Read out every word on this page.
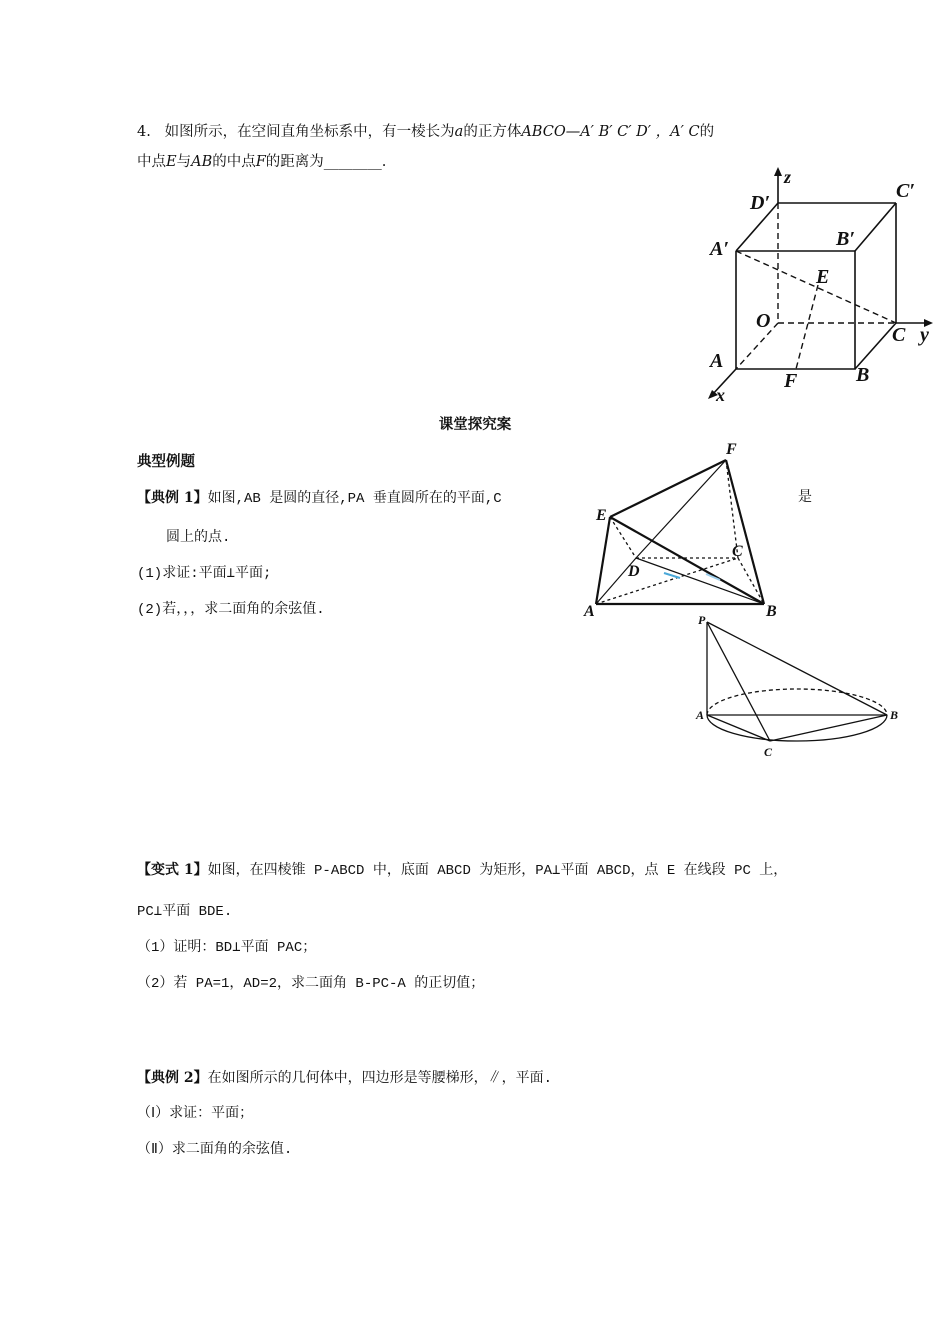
4. 如图所示，在空间直角坐标系中，有一棱长为a的正方体ABCO—A′ B′ C′ D′ ，A′ C的
中点E与AB的中点F的距离为________.
z
D′
C′
B′
A′
E
O
C y
A
B
F
x
课堂探究案
典型例题
【典例 1】如图,AB 是圆的直径,PA 垂直圆所在的平面,C	是
圆上的点.
(1)求证:平面⊥平面;
(2)若，，，求二面角的余弦值.
F
E
C
D
A	B
P
A	B
C
【变式 1】如图，在四棱锥 P-ABCD 中，底面 ABCD 为矩形，PA⊥平面 ABCD，点 E 在线段 PC 上，
PC⊥平面 BDE.
（1）证明：BD⊥平面 PAC；
（2）若 PA=1，AD=2，求二面角 B-PC-A 的正切值；
【典例 2】在如图所示的几何体中，四边形是等腰梯形，∥，平面.
（Ⅰ）求证：平面；
（Ⅱ）求二面角的余弦值.
